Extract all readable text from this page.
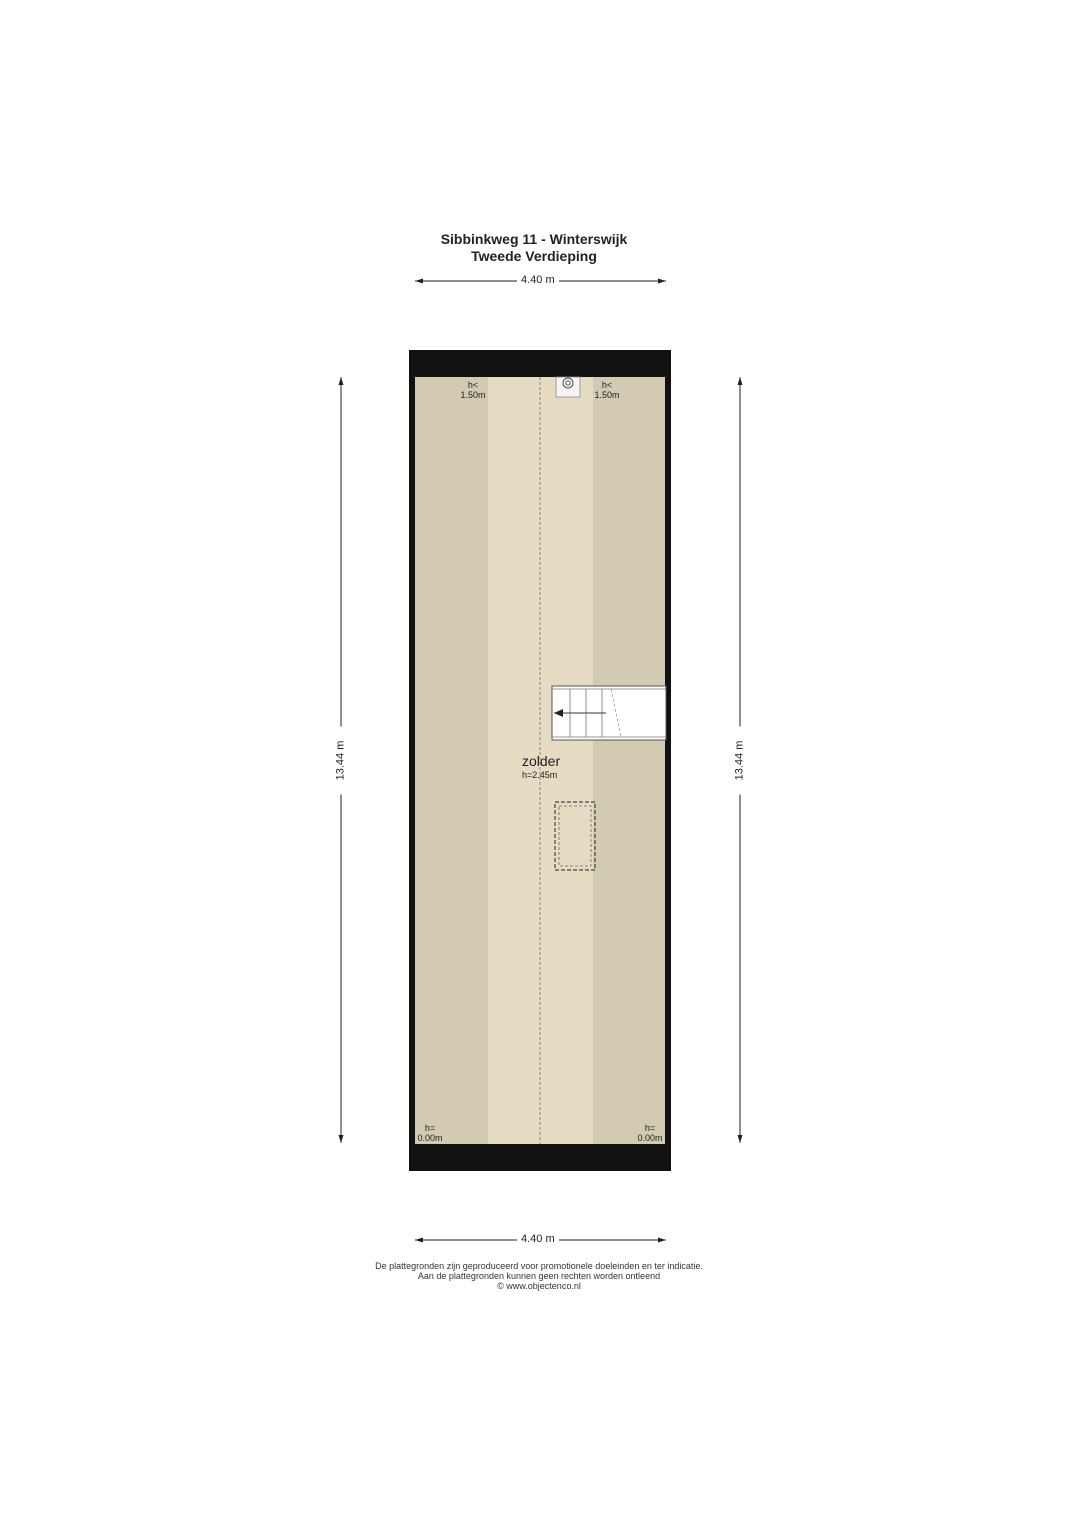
Sibbinkweg 11 - Winterswijk
Tweede Verdieping
4.40 m
4.40 m
13.44 m	13.44 m
h<
1.50m
h<
1.50m
h=
0.00m
h=
0.00m
zolder
h=2.45m
De plattegronden zijn geproduceerd voor promotionele doeleinden en ter indicatie.
Aan de plattegronden kunnen geen rechten worden ontleend
© www.objectenco.nl
